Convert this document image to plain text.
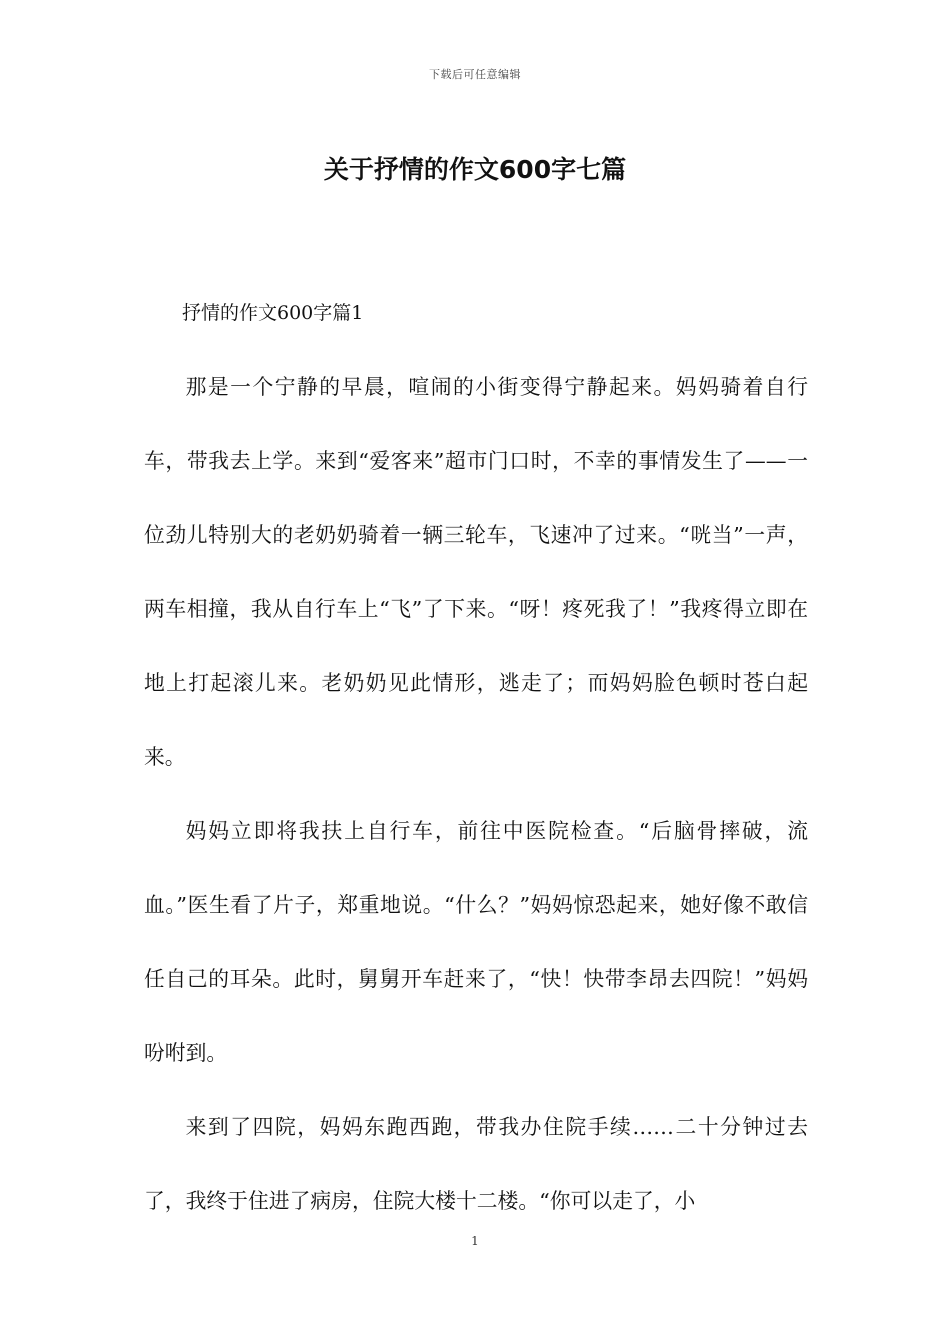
下载后可任意编辑
关于抒情的作文600字七篇

抒情的作文600字篇1

那是一个宁静的早晨，喧闹的小街变得宁静起来。妈妈骑着自行车，带我去上学。来到“爱客来”超市门口时，不幸的事情发生了——一位劲儿特别大的老奶奶骑着一辆三轮车，飞速冲了过来。“咣当”一声，两车相撞，我从自行车上“飞”了下来。“呀！疼死我了！”我疼得立即在地上打起滚儿来。老奶奶见此情形，逃走了；而妈妈脸色顿时苍白起来。

妈妈立即将我扶上自行车，前往中医院检查。“后脑骨摔破，流血。”医生看了片子，郑重地说。“什么？”妈妈惊恐起来，她好像不敢信任自己的耳朵。此时，舅舅开车赶来了，“快！快带李昂去四院！”妈妈吩咐到。

来到了四院，妈妈东跑西跑，带我办住院手续……二十分钟过去了，我终于住进了病房，住院大楼十二楼。“你可以走了，小

1
